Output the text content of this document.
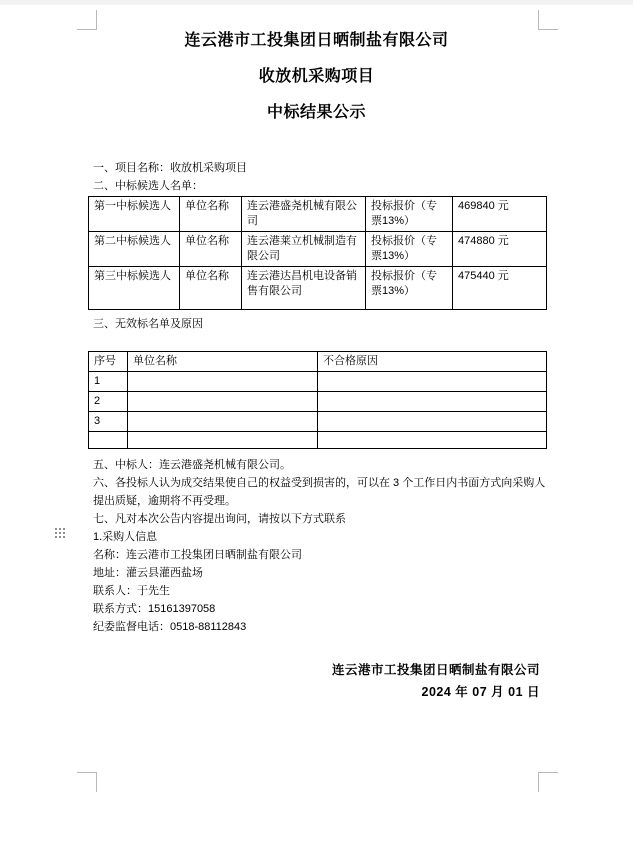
连云港市工投集团日晒制盐有限公司
收放机采购项目
中标结果公示
一、项目名称：收放机采购项目
二、中标候选人名单：
第一中标候选人	单位名称	连云港盛尧机械有限公司	投标报价（专票13%）	469840 元
第二中标候选人	单位名称	连云港莱立机械制造有限公司	投标报价（专票13%）	474880 元
第三中标候选人	单位名称	连云港达昌机电设备销售有限公司	投标报价（专票13%）	475440 元
三、无效标名单及原因
序号	单位名称	不合格原因
1		
2		
3		

五、中标人：连云港盛尧机械有限公司。
六、各投标人认为成交结果使自己的权益受到损害的，可以在 3 个工作日内书面方式向采购人提出质疑，逾期将不再受理。
七、凡对本次公告内容提出询问，请按以下方式联系
1.采购人信息
名称：连云港市工投集团日晒制盐有限公司
地址：灌云县灌西盐场
联系人：于先生
联系方式：15161397058
纪委监督电话：0518-88112843
连云港市工投集团日晒制盐有限公司
2024 年 07 月 01 日
